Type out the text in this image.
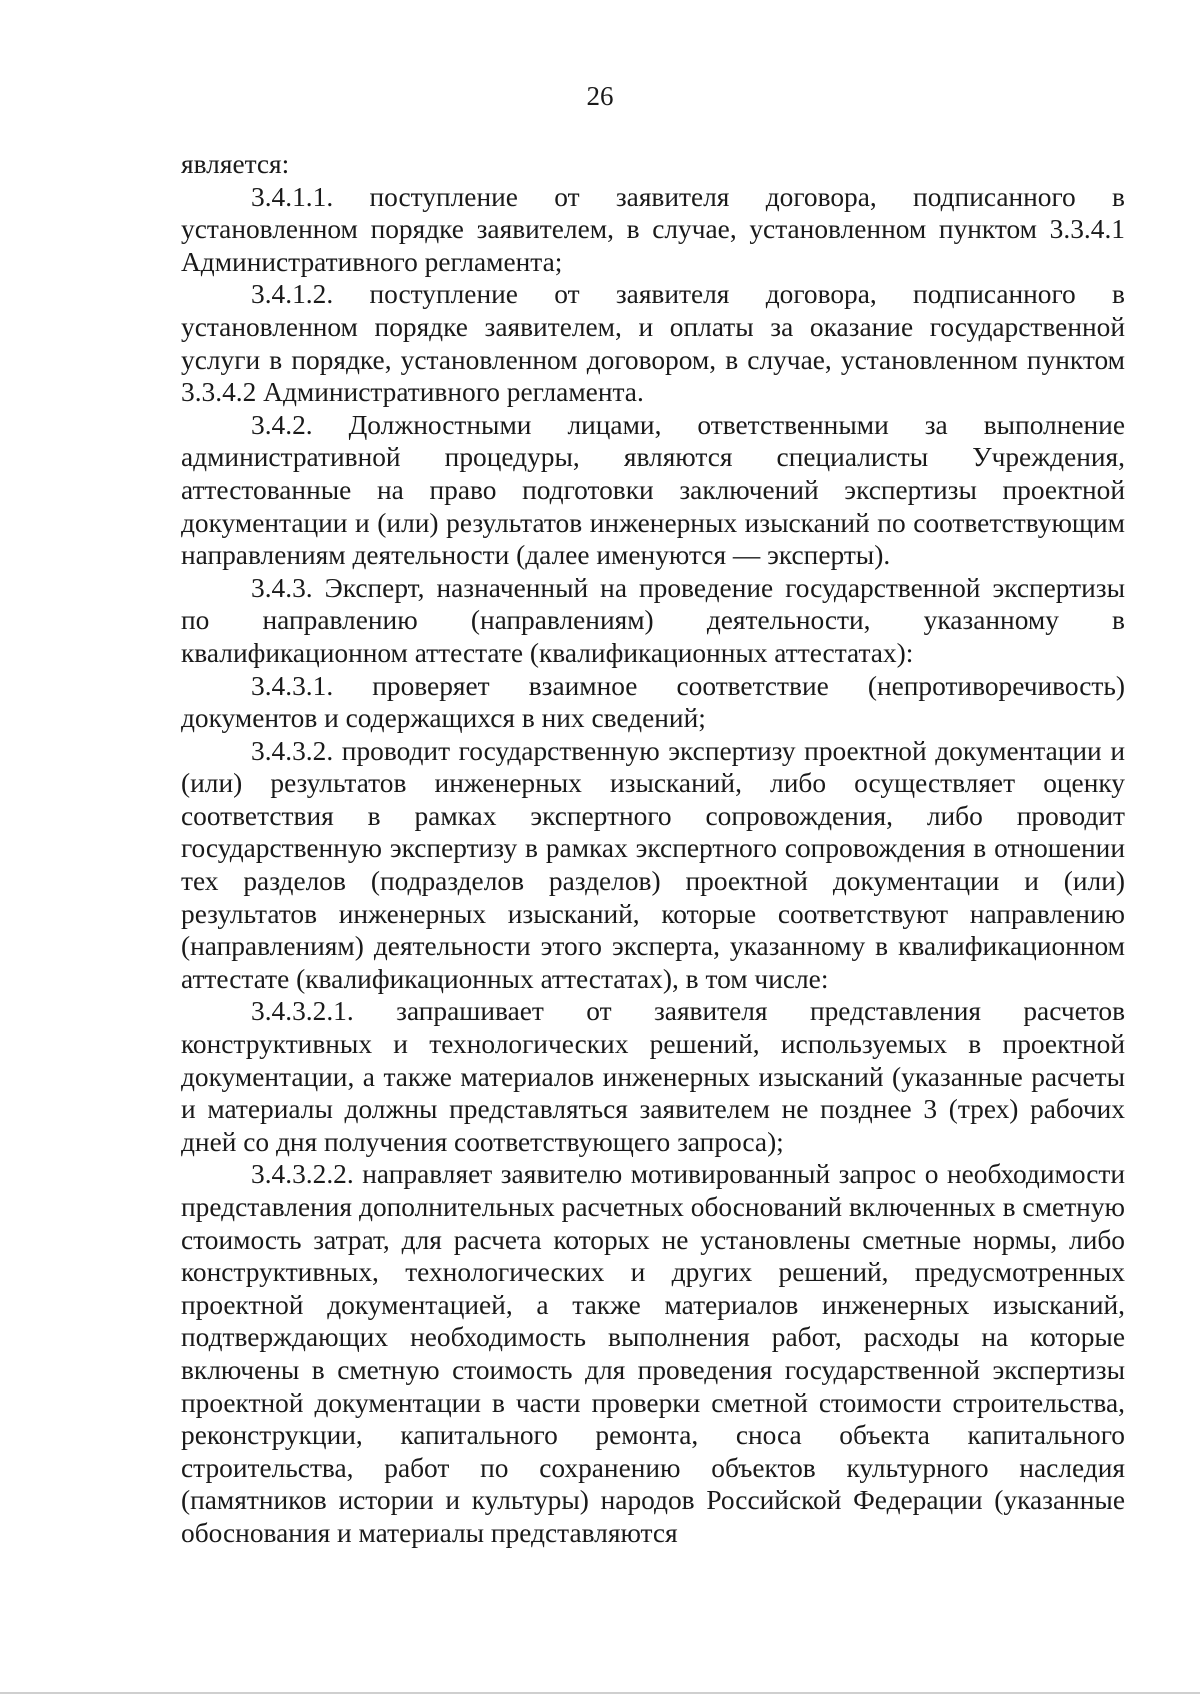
26

является:

3.4.1.1. поступление от заявителя договора, подписанного в установленном порядке заявителем, в случае, установленном пунктом 3.3.4.1 Административного регламента;

3.4.1.2. поступление от заявителя договора, подписанного в установленном порядке заявителем, и оплаты за оказание государственной услуги в порядке, установленном договором, в случае, установленном пунктом 3.3.4.2 Административного регламента.

3.4.2. Должностными лицами, ответственными за выполнение административной процедуры, являются специалисты Учреждения, аттестованные на право подготовки заключений экспертизы проектной документации и (или) результатов инженерных изысканий по соответствующим направлениям деятельности (далее именуются — эксперты).

3.4.3. Эксперт, назначенный на проведение государственной экспертизы по направлению (направлениям) деятельности, указанному в квалификационном аттестате (квалификационных аттестатах):

3.4.3.1. проверяет взаимное соответствие (непротиворечивость) документов и содержащихся в них сведений;

3.4.3.2. проводит государственную экспертизу проектной документации и (или) результатов инженерных изысканий, либо осуществляет оценку соответствия в рамках экспертного сопровождения, либо проводит государственную экспертизу в рамках экспертного сопровождения в отношении тех разделов (подразделов разделов) проектной документации и (или) результатов инженерных изысканий, которые соответствуют направлению (направлениям) деятельности этого эксперта, указанному в квалификационном аттестате (квалификационных аттестатах), в том числе:

3.4.3.2.1. запрашивает от заявителя представления расчетов конструктивных и технологических решений, используемых в проектной документации, а также материалов инженерных изысканий (указанные расчеты и материалы должны представляться заявителем не позднее 3 (трех) рабочих дней со дня получения соответствующего запроса);

3.4.3.2.2. направляет заявителю мотивированный запрос о необходимости представления дополнительных расчетных обоснований включенных в сметную стоимость затрат, для расчета которых не установлены сметные нормы, либо конструктивных, технологических и других решений, предусмотренных проектной документацией, а также материалов инженерных изысканий, подтверждающих необходимость выполнения работ, расходы на которые включены в сметную стоимость для проведения государственной экспертизы проектной документации в части проверки сметной стоимости строительства, реконструкции, капитального ремонта, сноса объекта капитального строительства, работ по сохранению объектов культурного наследия (памятников истории и культуры) народов Российской Федерации (указанные обоснования и материалы представляются
